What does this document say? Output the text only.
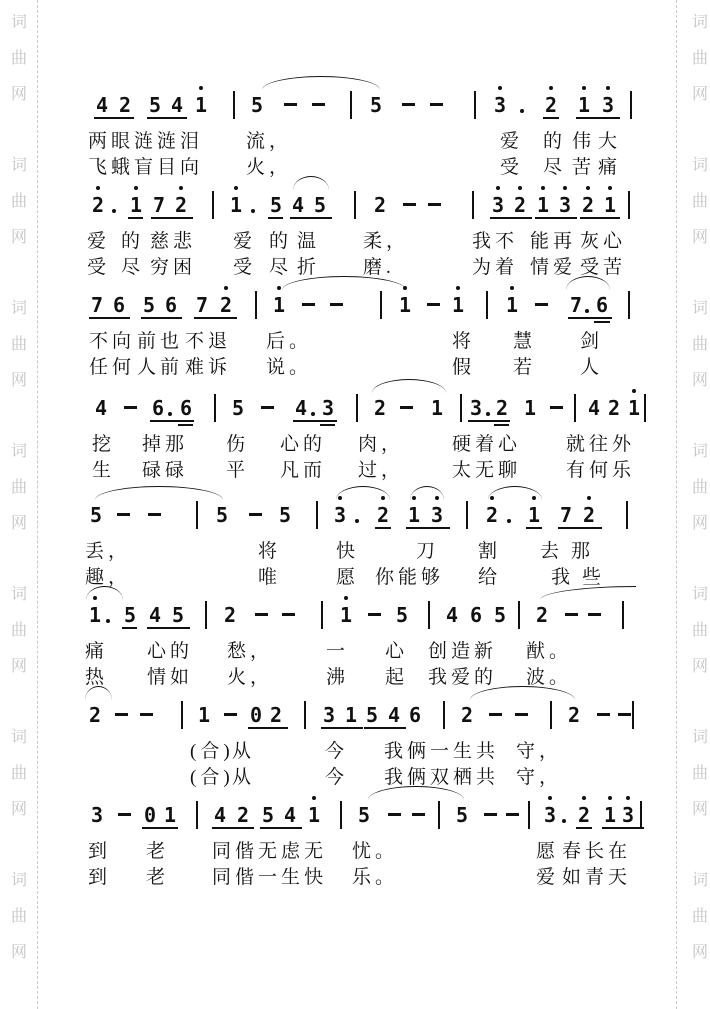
词
曲
网
词
曲
网
词
曲
网
词
曲
网
词
曲
网
词
曲
网
词
曲
网
词
曲
网
词
曲
网
词
曲
网
词
曲
网
词
曲
网
词
曲
网
词
曲
网
4 2 5 4 1 5	5	3 2 1 3
两眼涟涟泪 流，	爱 的 伟 大
飞蛾盲目向 火，	受 尽 苦 痛
2 1 7 2 1 5 4 5 2	3 2 1 3 2 1
爱 的 慈悲 爱 的 温 柔，	我不 能再 灰心
受 尽 穷困 受 尽 折 磨.	为着 情爱 受苦
7 6 5 6 7 2 1	1 1 1	7 6
不向 前也 不退 后。	将 慧 剑
任何 人前 难诉 说。	假 若 人
4 6 6 5	4 3 2 1 3 2 1	4 2 1
挖 掉那 伤 心的 肉，	硬着心 就往外
生 碌碌 平 凡而 过，	太无聊 有何乐
5	5	5 3 2 1 3 2 1 7 2
丢，	将	快	刀 割 去 那
趣，	唯	愿 你能够 给	我 些
1 5 4 5 2	1 5 4 6 5 2
痛 心的 愁，	一 心 创造新 猷。
热 情如 火，	沸 起 我爱的 波。
2	1 0 2 3 1 5 4 6 2	2
(合)
从	今 我俩一生共 守，
(合)
从	今 我俩双栖共 守，
3 0 1 4 2 5 4 1 5	5	3 2 1 3
到 老 同偕无虑无 忧。	愿 春长在
到 老 同偕一生快 乐。	爱 如青天
